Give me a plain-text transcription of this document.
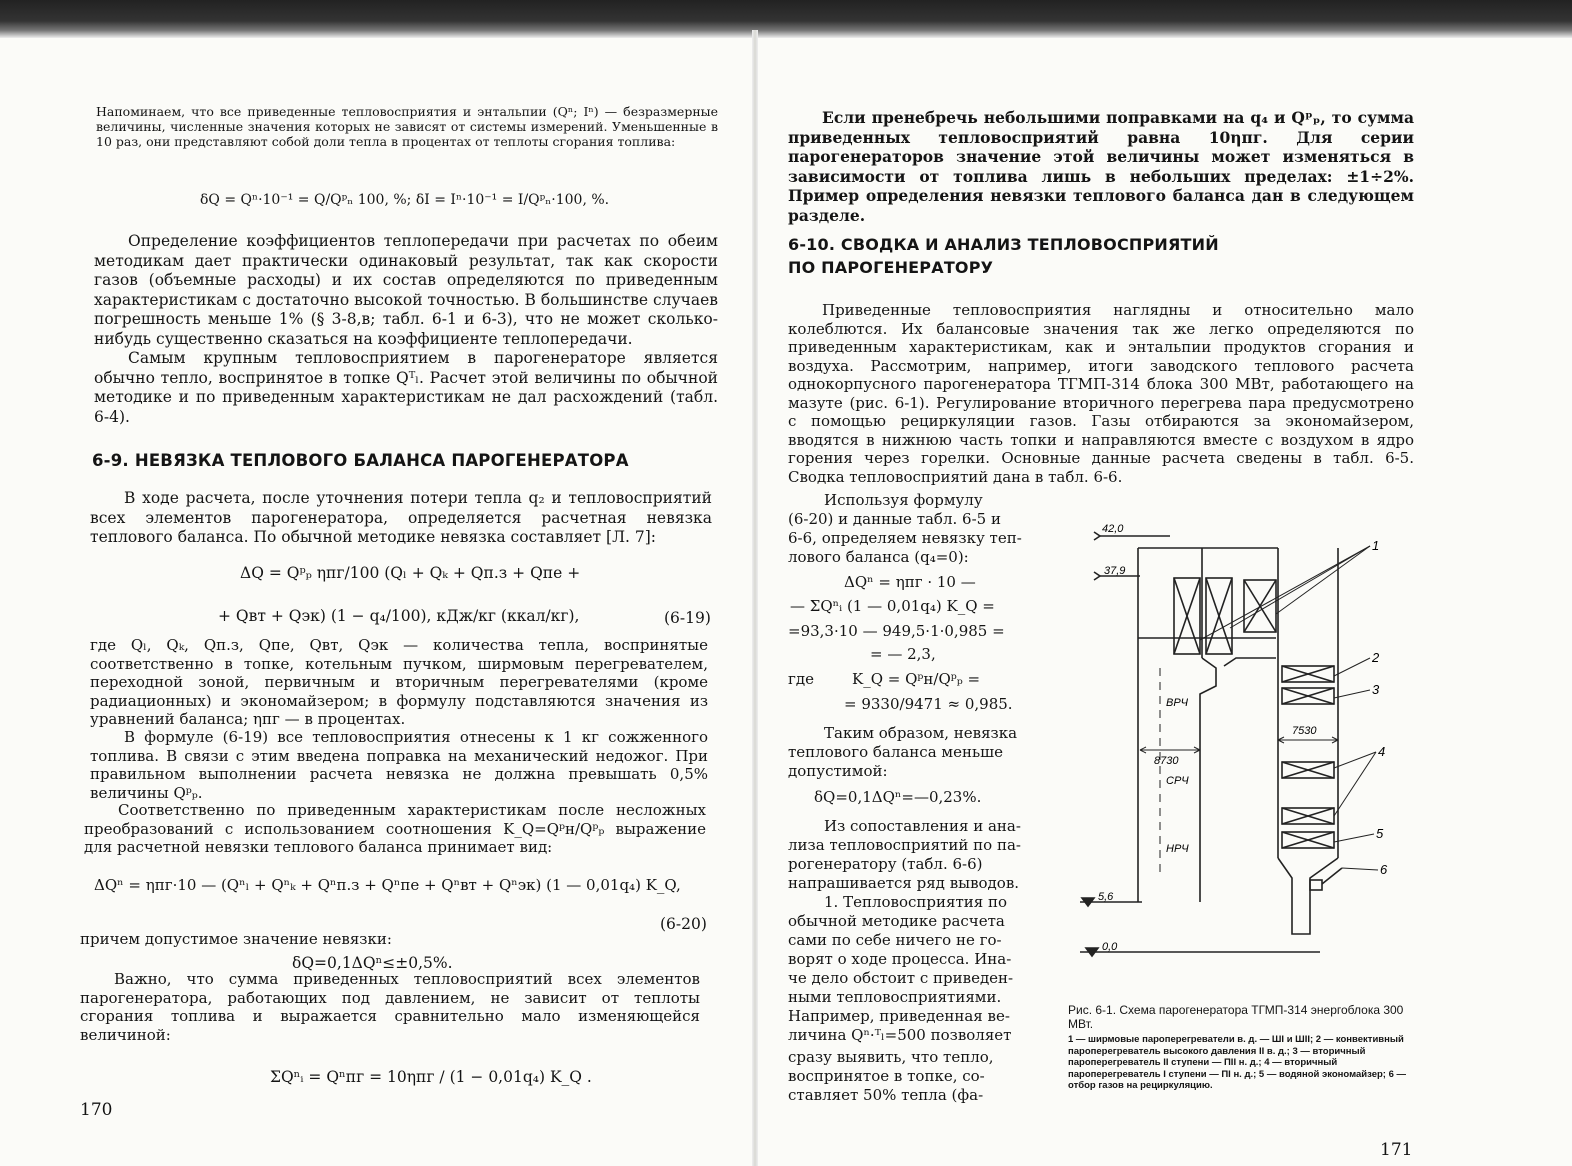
Напоминаем, что все приведенные тепловосприятия и энтальпии (Qⁿ; Iⁿ) — безразмерные величины, численные значения которых не зависят от системы измерений. Уменьшенные в 10 раз, они представляют собой доли тепла в процентах от теплоты сгорания топлива:

δQ = Qⁿ·10⁻¹ = Q/Qᵖₙ 100, %; δI = Iⁿ·10⁻¹ = I/Qᵖₙ·100, %.

Определение коэффициентов теплопередачи при расчетах по обеим методикам дает практически одинаковый результат, так как скорости газов (объемные расходы) и их состав определяются по приведенным характеристикам с достаточно высокой точностью. В большинстве случаев погрешность меньше 1% (§ 3-8,в; табл. 6-1 и 6-3), что не может сколько-нибудь существенно сказаться на коэффициенте теплопередачи.

Самым крупным тепловосприятием в парогенераторе является обычно тепло, воспринятое в топке Qᵀₗ. Расчет этой величины по обычной методике и по приведенным характеристикам не дал расхождений (табл. 6-4).

6-9. НЕВЯЗКА ТЕПЛОВОГО БАЛАНСА ПАРОГЕНЕРАТОРА

В ходе расчета, после уточнения потери тепла q₂ и тепловосприятий всех элементов парогенератора, определяется расчетная невязка теплового баланса. По обычной методике невязка составляет [Л. 7]:

ΔQ = Qᵖₚ ηпг/100 (Qₗ + Qₖ + Qп.з + Qпе +

+ Qвт + Qэк) (1 − q₄/100), кДж/кг (ккал/кг),	(6-19)

где Qₗ, Qₖ, Qп.з, Qпе, Qвт, Qэк — количества тепла, воспринятые соответственно в топке, котельным пучком, ширмовым перегревателем, переходной зоной, первичным и вторичным перегревателями (кроме радиационных) и экономайзером; в формулу подставляются значения из уравнений баланса; ηпг — в процентах.

В формуле (6-19) все тепловосприятия отнесены к 1 кг сожженного топлива. В связи с этим введена поправка на механический недожог. При правильном выполнении расчета невязка не должна превышать 0,5% величины Qᵖₚ.

Соответственно по приведенным характеристикам после несложных преобразований с использованием соотношения K_Q=Qᵖн/Qᵖₚ выражение для расчетной невязки теплового баланса принимает вид:

ΔQⁿ = ηпг·10 — (Qⁿₗ + Qⁿₖ + Qⁿп.з + Qⁿпе + Qⁿвт + Qⁿэк) (1 — 0,01q₄) K_Q,

(6-20)

причем допустимое значение невязки:

δQ=0,1ΔQⁿ≤±0,5%.

Важно, что сумма приведенных тепловосприятий всех элементов парогенератора, работающих под давлением, не зависит от теплоты сгорания топлива и выражается сравнительно мало изменяющейся величиной:

ΣQⁿᵢ = Qⁿпг = 10ηпг / (1 − 0,01q₄) K_Q .

170

Если пренебречь небольшими поправками на q₄ и Qᵖₚ, то сумма приведенных тепловосприятий равна 10ηпг. Для серии парогенераторов значение этой величины может изменяться в зависимости от топлива лишь в небольших пределах: ±1÷2%. Пример определения невязки теплового баланса дан в следующем разделе.

6-10. СВОДКА И АНАЛИЗ ТЕПЛОВОСПРИЯТИЙ
ПО ПАРОГЕНЕРАТОРУ

Приведенные тепловосприятия наглядны и относительно мало колеблются. Их балансовые значения так же легко определяются по приведенным характеристикам, как и энтальпии продуктов сгорания и воздуха. Рассмотрим, например, итоги заводского теплового расчета однокорпусного парогенератора ТГМП-314 блока 300 МВт, работающего на мазуте (рис. 6-1). Регулирование вторичного перегрева пара предусмотрено с помощью рециркуляции газов. Газы отбираются за экономайзером, вводятся в нижнюю часть топки и направляются вместе с воздухом в ядро горения через горелки. Основные данные расчета сведены в табл. 6-5. Сводка тепловосприятий дана в табл. 6-6.

Используя формулу

(6-20) и данные табл. 6-5 и

6-6, определяем невязку теп-

лового баланса (q₄=0):

ΔQⁿ = ηпг · 10 —

— ΣQⁿᵢ (1 — 0,01q₄) K_Q =

=93,3·10 — 949,5·1·0,985 =

= — 2,3,

где	K_Q = Qᵖн/Qᵖₚ =

= 9330/9471 ≈ 0,985.

Таким образом, невязка

теплового баланса меньше

допустимой:

δQ=0,1ΔQⁿ=—0,23%.

Из сопоставления и ана-

лиза тепловосприятий по па-

рогенератору (табл. 6-6)

напрашивается ряд выводов.

1. Тепловосприятия по

обычной методике расчета

сами по себе ничего не го-

ворят о ходе процесса. Ина-

че дело обстоит с приведен-

ными тепловосприятиями.

Например, приведенная ве-

личина Qⁿ·ᵀₗ=500 позволяет

сразу выявить, что тепло,

воспринятое в топке, со-

ставляет 50% тепла (фа-

42,0
37,9
5,6
0,0
ВРЧ
СРЧ
НРЧ
7530
8730
1
2
3
4
5
6

Рис. 6-1. Схема парогенератора ТГМП-314 энергоблока 300 МВт.

1 — ширмовые пароперегреватели в. д. — ШI и ШII; 2 — конвективный пароперегреватель высокого давления II в. д.; 3 — вторичный пароперегреватель II ступени — ПII н. д.; 4 — вторичный пароперегреватель I ступени — ПI н. д.; 5 — водяной экономайзер; 6 — отбор газов на рециркуляцию.

171
